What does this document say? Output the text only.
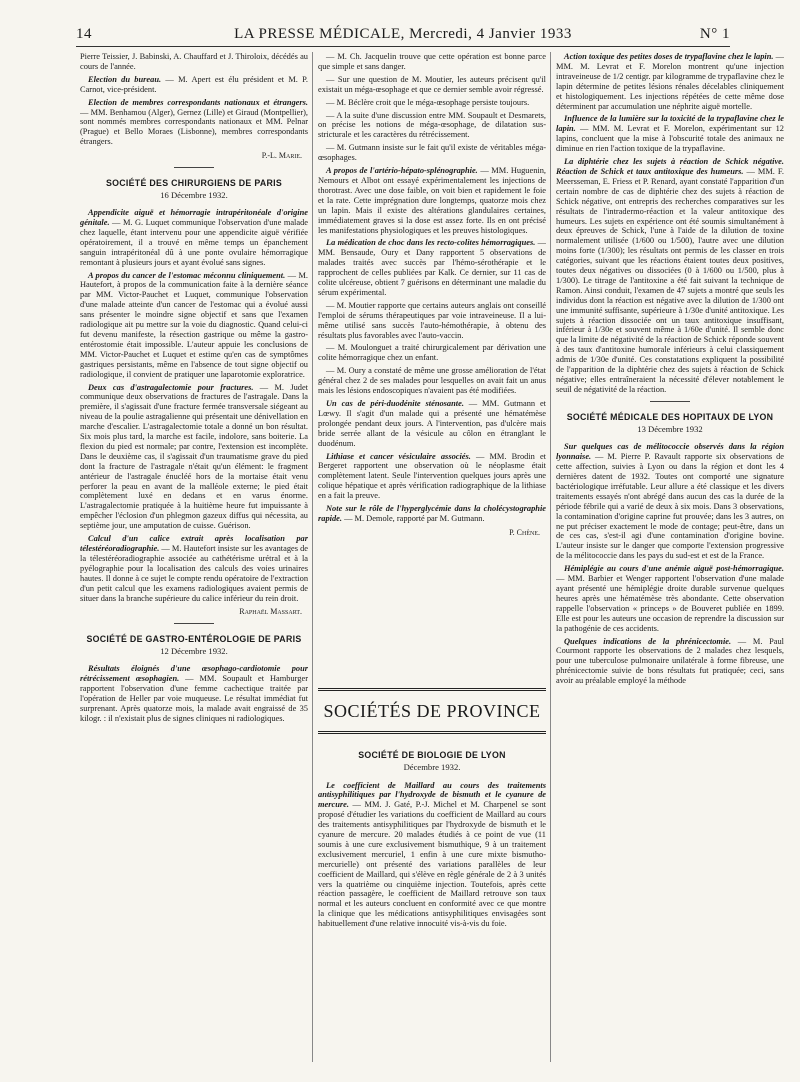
14	LA PRESSE MÉDICALE, Mercredi, 4 Janvier 1933	N° 1

Pierre Teissier, J. Babinski, A. Chauffard et J. Thiroloix, décédés au cours de l'année.

Election du bureau. — M. Apert est élu président et M. P. Carnot, vice-président.

Election de membres correspondants nationaux et étrangers. — MM. Benhamou (Alger), Gernez (Lille) et Giraud (Montpellier), sont nommés membres correspondants nationaux et MM. Pelnar (Prague) et Bello Moraes (Lisbonne), membres correspondants étrangers.

P.-L. Marie.

SOCIÉTÉ DES CHIRURGIENS DE PARIS

16 Décembre 1932.

Appendicite aiguë et hémorragie intrapéritonéale d'origine génitale. — M. G. Luquet communique l'observation d'une malade chez laquelle, étant intervenu pour une appendicite aiguë vérifiée opératoirement, il a trouvé en même temps un épanchement sanguin intrapéritonéal dû à une ponte ovulaire hémorragique remontant à plusieurs jours et ayant évolué sans signes.

A propos du cancer de l'estomac méconnu cliniquement. — M. Hautefort, à propos de la communication faite à la dernière séance par MM. Victor-Pauchet et Luquet, communique l'observation d'une malade atteinte d'un cancer de l'estomac qui a évolué aussi sans présenter le moindre signe objectif et sans que l'examen radiologique ait pu mettre sur la voie du diagnostic. Quand celui-ci fut devenu manifeste, la résection gastrique ou même la gastro-entérostomie était impossible. L'auteur appuie les conclusions de MM. Victor-Pauchet et Luquet et estime qu'en cas de symptômes gastriques persistants, même en l'absence de tout signe objectif ou radiologique, il convient de pratiquer une laparotomie exploratrice.

Deux cas d'astragalectomie pour fractures. — M. Judet communique deux observations de fractures de l'astragale. Dans la première, il s'agissait d'une fracture fermée transversale siégeant au niveau de la poulie astragalienne qui présentait une dénivellation en marche d'escalier. L'astragalectomie totale a donné un bon résultat. Six mois plus tard, la marche est facile, indolore, sans boiterie. La flexion du pied est normale; par contre, l'extension est incomplète. Dans le deuxième cas, il s'agissait d'un traumatisme grave du pied dont la fracture de l'astragale n'était qu'un élément: le fragment antérieur de l'astragale énucléé hors de la mortaise était venu perforer la peau en avant de la malléole externe; le pied était complètement luxé en dedans et en varus énorme. L'astragalectomie pratiquée à la huitième heure fut impuissante à empêcher l'éclosion d'un phlegmon gazeux diffus qui nécessita, au septième jour, une amputation de cuisse. Guérison.

Calcul d'un calice extrait après localisation par télestéréoradiographie. — M. Hautefort insiste sur les avantages de la télestéréoradiographie associée au cathétérisme urétral et à la pyélographie pour la localisation des calculs des voies urinaires hautes. Il donne à ce sujet le compte rendu opératoire de l'extraction d'un petit calcul que les examens radiologiques avaient permis de situer dans la branche supérieure du calice inférieur du rein droit.

Raphaël Massart.

SOCIÉTÉ DE GASTRO-ENTÉROLOGIE DE PARIS

12 Décembre 1932.

Résultats éloignés d'une œsophago-cardiotomie pour rétrécissement œsophagien. — MM. Soupault et Hamburger rapportent l'observation d'une femme cachectique traitée par l'opération de Heller par voie muqueuse. Le résultat immédiat fut surprenant. Après quatorze mois, la malade avait engraissé de 35 kilogr. : il n'existait plus de signes cliniques ni radiologiques.

— M. Ch. Jacquelin trouve que cette opération est bonne parce que simple et sans danger.

— Sur une question de M. Moutier, les auteurs précisent qu'il existait un méga-œsophage et que ce dernier semble avoir régressé.

— M. Béclère croit que le méga-œsophage persiste toujours.

— A la suite d'une discussion entre MM. Soupault et Desmarets, on précise les notions de méga-œsophage, de dilatation sus-stricturale et les caractères du rétrécissement.

— M. Gutmann insiste sur le fait qu'il existe de véritables méga-œsophages.

A propos de l'artério-hépato-splénographie. — MM. Huguenin, Nemours et Albot ont essayé expérimentalement les injections de thorotrast. Avec une dose faible, on voit bien et rapidement le foie et la rate. Cette imprégnation dure longtemps, quatorze mois chez un lapin. Mais il existe des altérations glandulaires certaines, immédiatement graves si la dose est assez forte. Ils en ont précisé les manifestations physiologiques et les preuves histologiques.

La médication de choc dans les recto-colites hémorragiques. — MM. Bensaude, Oury et Dany rapportent 5 observations de malades traités avec succès par l'hémo-sérothérapie et le rapprochent de celles publiées par Kalk. Ce dernier, sur 11 cas de colite ulcéreuse, obtient 7 guérisons en déterminant une maladie du sérum expérimental.

— M. Moutier rapporte que certains auteurs anglais ont conseillé l'emploi de sérums thérapeutiques par voie intraveineuse. Il a lui-même utilisé sans succès l'auto-hémothérapie, à obtenu des résultats plus favorables avec l'auto-vaccin.

— M. Moulonguet a traité chirurgicalement par dérivation une colite hémorragique chez un enfant.

— M. Oury a constaté de même une grosse amélioration de l'état général chez 2 de ses malades pour lesquelles on avait fait un anus mais les lésions endoscopiques n'avaient pas été modifiées.

Un cas de péri-duodénite sténosante. — MM. Gutmann et Lœwy. Il s'agit d'un malade qui a présenté une hématémèse prolongée pendant deux jours. A l'intervention, pas d'ulcère mais bride serrée allant de la vésicule au côlon en étranglant le duodénum.

Lithiase et cancer vésiculaire associés. — MM. Brodin et Bergeret rapportent une observation où le néoplasme était complètement latent. Seule l'intervention quelques jours après une colique hépatique et après vérification radiographique de la lithiase en a fait la preuve.

Note sur le rôle de l'hyperglycémie dans la cholécystographie rapide. — M. Demole, rapporté par M. Gutmann.

P. Chêne.

SOCIÉTÉS DE PROVINCE

SOCIÉTÉ DE BIOLOGIE DE LYON

Décembre 1932.

Le coefficient de Maillard au cours des traitements antisyphilitiques par l'hydroxyde de bismuth et le cyanure de mercure. — MM. J. Gaté, P.-J. Michel et M. Charpenel se sont proposé d'étudier les variations du coefficient de Maillard au cours des traitements antisyphilitiques par l'hydroxyde de bismuth et le cyanure de mercure. 20 malades étudiés à ce point de vue (11 soumis à une cure exclusivement bismuthique, 9 à un traitement exclusivement mercuriel, 1 enfin à une cure mixte bismutho-mercurielle) ont présenté des variations parallèles de leur coefficient de Maillard, qui s'élève en règle générale de 2 à 3 unités vers la quatrième ou cinquième injection. Toutefois, après cette réaction passagère, le coefficient de Maillard retrouve son taux normal et les auteurs concluent en conformité avec ce que montre la clinique que les médications antisyphilitiques envisagées sont habituellement d'une relative innocuité vis-à-vis du foie.

Action toxique des petites doses de trypaflavine chez le lapin. — MM. M. Levrat et F. Morelon montrent qu'une injection intraveineuse de 1/2 centigr. par kilogramme de trypaflavine chez le lapin détermine de petites lésions rénales décelables cliniquement et histologiquement. Les injections répétées de cette même dose déterminent par accumulation une néphrite aiguë mortelle.

Influence de la lumière sur la toxicité de la trypaflavine chez le lapin. — MM. M. Levrat et F. Morelon, expérimentant sur 12 lapins, concluent que la mise à l'obscurité totale des animaux ne diminue en rien l'action toxique de la trypaflavine.

La diphtérie chez les sujets à réaction de Schick négative. Réaction de Schick et taux antitoxique des humeurs. — MM. F. Meersseman, E. Friess et P. Renard, ayant constaté l'apparition d'un certain nombre de cas de diphtérie chez des sujets à réaction de Schick négative, ont entrepris des recherches comparatives sur les résultats de l'intradermo-réaction et la valeur antitoxique des humeurs. Les sujets en expérience ont été soumis simultanément à deux épreuves de Schick, l'une à l'aide de la dilution de toxine normalement utilisée (1/600 ou 1/500), l'autre avec une dilution moins forte (1/300); les résultats ont permis de les classer en trois catégories, suivant que les réactions étaient toutes deux positives, toutes deux négatives ou dissociées (0 à 1/600 ou 1/500, plus à 1/300). Le titrage de l'antitoxine a été fait suivant la technique de Ramon. Ainsi conduit, l'examen de 47 sujets a montré que seuls les individus dont la réaction est négative avec la dilution de 1/300 ont une immunité suffisante, supérieure à 1/30e d'unité antitoxique. Les sujets à réaction dissociée ont un taux antitoxique insuffisant, inférieur à 1/30e et souvent même à 1/60e d'unité. Il semble donc que la limite de négativité de la réaction de Schick réponde souvent à des taux d'antitoxine humorale inférieurs à celui classiquement admis de 1/30e d'unité. Ces constatations expliquent la possibilité de l'apparition de la diphtérie chez des sujets à réaction de Schick négative; elles entraîneraient la nécessité d'élever notablement le seuil de négativité de la réaction.

SOCIÉTÉ MÉDICALE DES HOPITAUX DE LYON

13 Décembre 1932

Sur quelques cas de mélitococcie observés dans la région lyonnaise. — M. Pierre P. Ravault rapporte six observations de cette affection, suivies à Lyon ou dans la région et dont les 4 dernières datent de 1932. Toutes ont comporté une signature bactériologique irréfutable. Leur allure a été classique et les divers traitements essayés n'ont abrégé dans aucun des cas la durée de la période fébrile qui a varié de deux à six mois. Dans 3 observations, la contamination d'origine caprine fut prouvée; dans les 3 autres, on ne put préciser exactement le mode de contage; peut-être, dans un de ces cas, s'est-il agi d'une contamination d'origine bovine. L'auteur insiste sur le danger que comporte l'extension progressive de la mélitococcie dans les pays du sud-est et est de la France.

Hémiplégie au cours d'une anémie aiguë post-hémorragique. — MM. Barbier et Wenger rapportent l'observation d'une malade ayant présenté une hémiplégie droite durable survenue quelques heures après une hématémèse très abondante. Cette observation rappelle l'observation « princeps » de Bouveret publiée en 1899. Elle est pour les auteurs une occasion de reprendre la discussion sur la pathogénie de ces accidents.

Quelques indications de la phrénicectomie. — M. Paul Courmont rapporte les observations de 2 malades chez lesquels, pour une tuberculose pulmonaire unilatérale à forme fibreuse, une phrénicectomie suivie de bons résultats fut pratiquée; ceci, sans avoir au préalable employé la méthode
